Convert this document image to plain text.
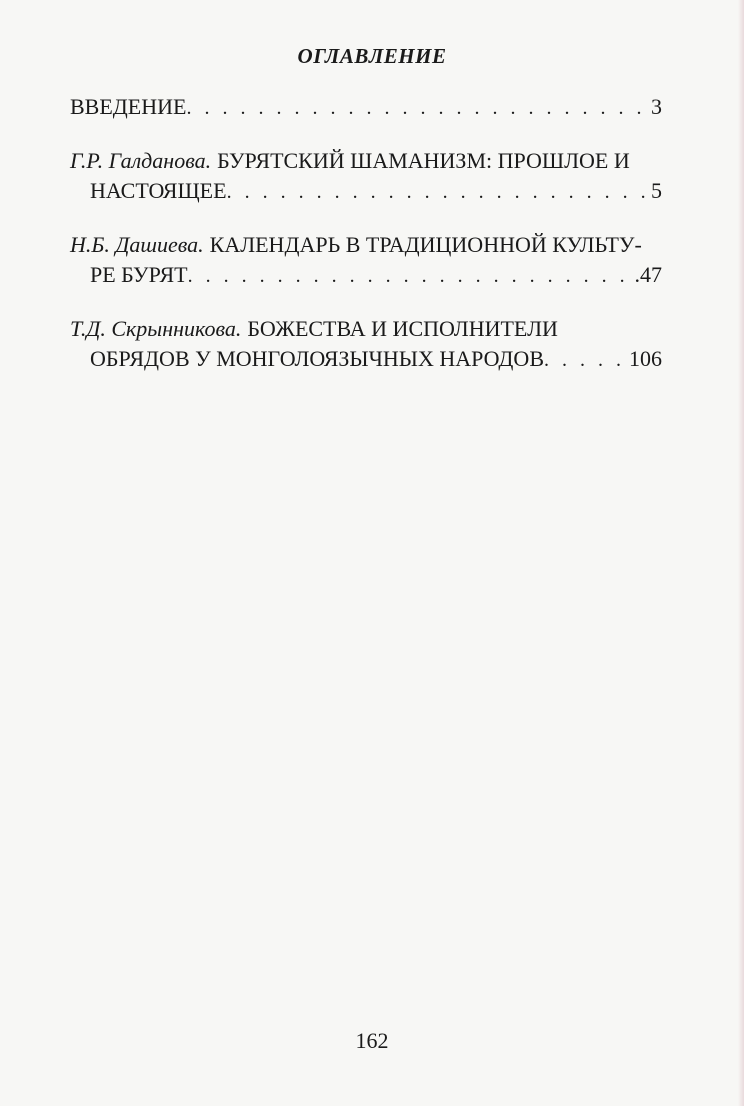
ОГЛАВЛЕНИЕ
ВВЕДЕНИЕ . . .	3
Г.Р. Галданова. БУРЯТСКИЙ ШАМАНИЗМ: ПРОШЛОЕ И
НАСТОЯЩЕЕ . . .	5
Н.Б. Дашиева. КАЛЕНДАРЬ В ТРАДИЦИОННОЙ КУЛЬТУ-
РЕ БУРЯТ . . .	.47
Т.Д. Скрынникова. БОЖЕСТВА И ИСПОЛНИТЕЛИ
ОБРЯДОВ У МОНГОЛОЯЗЫЧНЫХ НАРОДОВ . . .	106
162
